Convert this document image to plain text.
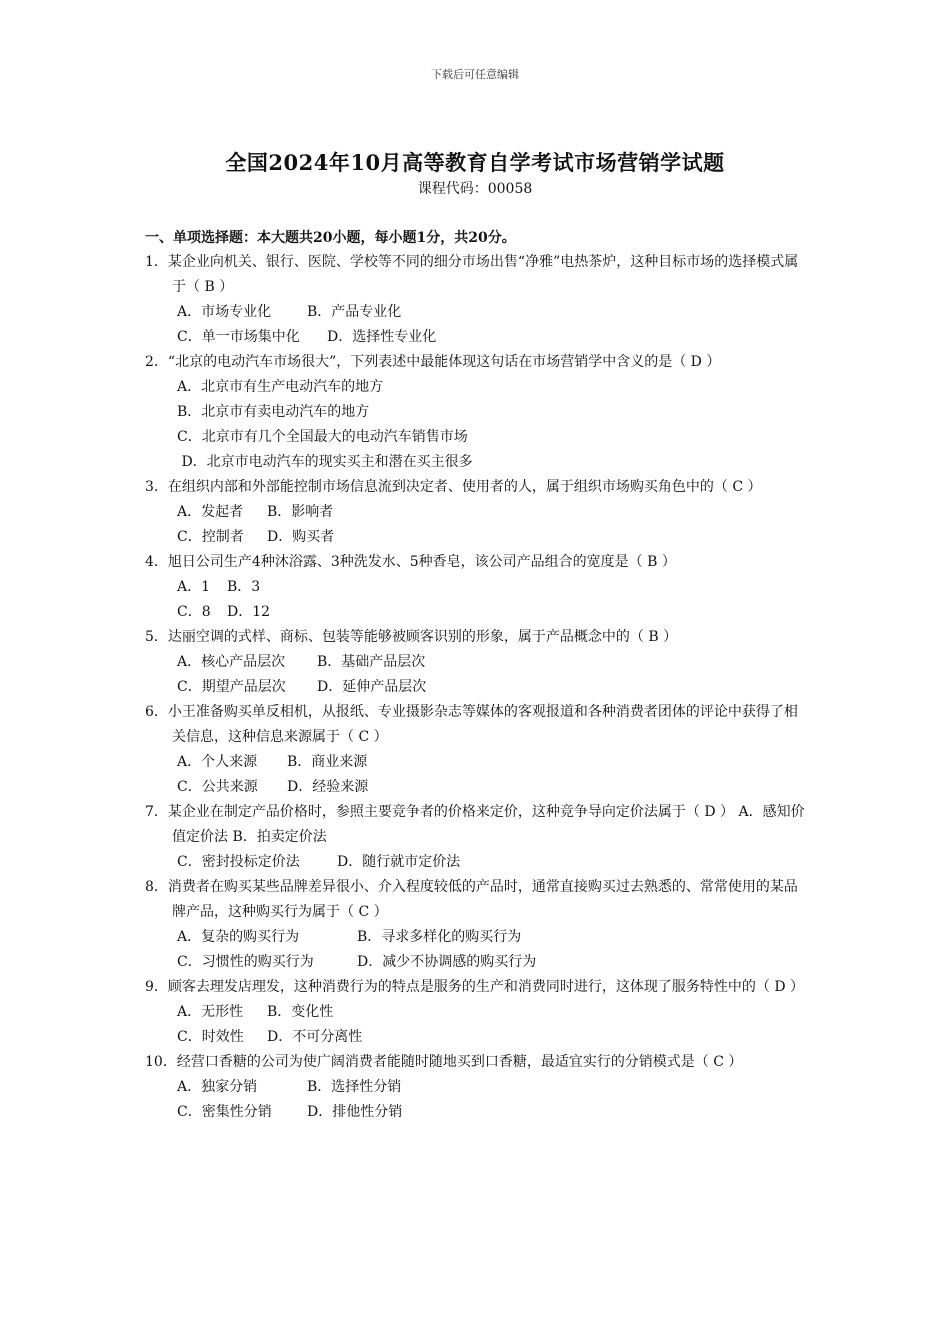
下载后可任意编辑
全国2024年10月高等教育自学考试市场营销学试题
课程代码：00058
一、单项选择题：本大题共20小题，每小题1分，共20分。
1．某企业向机关、银行、医院、学校等不同的细分市场出售“净雅”电热茶炉，这种目标市场的选择模式属于（ B ）
A．市场专业化	B．产品专业化
C．单一市场集中化 D．选择性专业化
2．“北京的电动汽车市场很大”，下列表述中最能体现这句话在市场营销学中含义的是（ D ）
A．北京市有生产电动汽车的地方
B．北京市有卖电动汽车的地方
C．北京市有几个全国最大的电动汽车销售市场
D．北京市电动汽车的现实买主和潜在买主很多
3．在组织内部和外部能控制市场信息流到决定者、使用者的人，属于组织市场购买角色中的（ C ）
A．发起者 B．影响者
C．控制者 D．购买者
4．旭日公司生产4种沐浴露、3种洗发水、5种香皂，该公司产品组合的宽度是（ B ）
A．1 B．3
C．8 D．12
5．达丽空调的式样、商标、包装等能够被顾客识别的形象，属于产品概念中的（ B ）
A．核心产品层次 B．基础产品层次
C．期望产品层次 D．延伸产品层次
6．小王准备购买单反相机，从报纸、专业摄影杂志等媒体的客观报道和各种消费者团体的评论中获得了相关信息，这种信息来源属于（ C ）
A．个人来源 B．商业来源
C．公共来源 D．经验来源
7．某企业在制定产品价格时，参照主要竞争者的价格来定价，这种竞争导向定价法属于（ D ） A．感知价值定价法 B．拍卖定价法
C．密封投标定价法	D．随行就市定价法
8．消费者在购买某些品牌差异很小、介入程度较低的产品时，通常直接购买过去熟悉的、常常使用的某品牌产品，这种购买行为属于（ C ）
A．复杂的购买行为	B．寻求多样化的购买行为
C．习惯性的购买行为	D．减少不协调感的购买行为
9．顾客去理发店理发，这种消费行为的特点是服务的生产和消费同时进行，这体现了服务特性中的（ D ）
A．无形性 B．变化性
C．时效性 D．不可分离性
10．经营口香糖的公司为使广阔消费者能随时随地买到口香糖，最适宜实行的分销模式是（ C ）
A．独家分销	B．选择性分销
C．密集性分销	D．排他性分销
